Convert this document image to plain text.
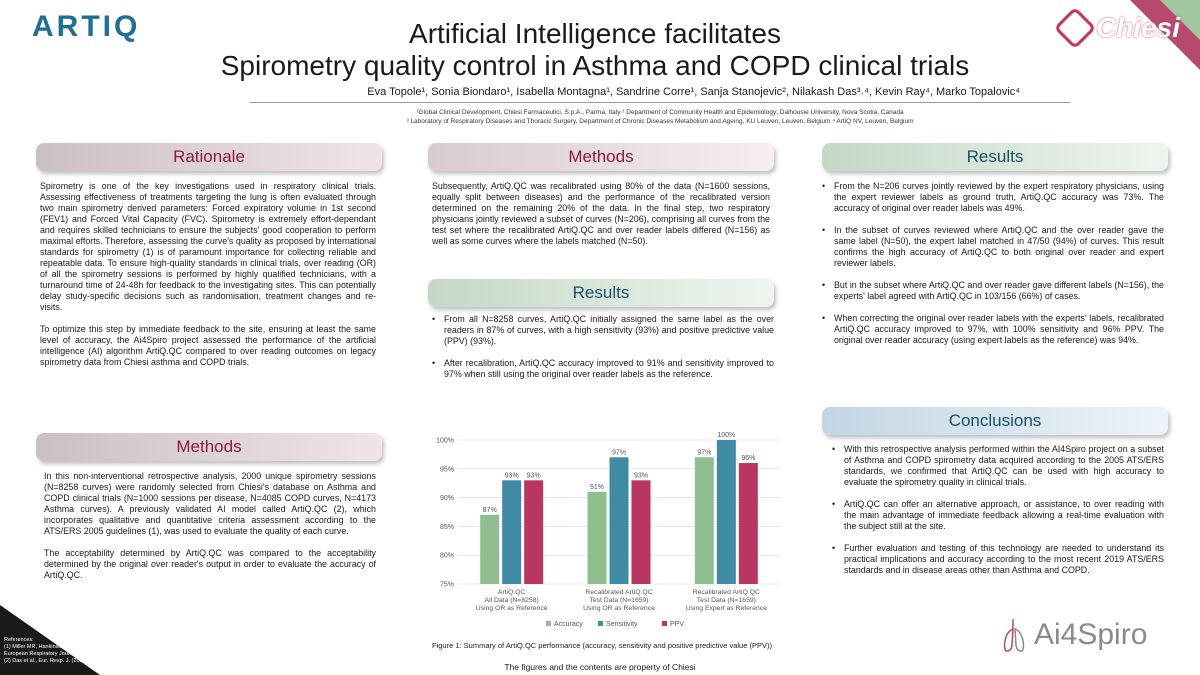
ARTIQ	Chiesi
Artificial Intelligence facilitates
Spirometry quality control in Asthma and COPD clinical trials
Eva Topole¹, Sonia Biondaro¹, Isabella Montagna¹, Sandrine Corre¹, Sanja Stanojevic², Nilakash Das³˒⁴, Kevin Ray⁴, Marko Topalovic⁴
¹Global Clinical Development, Chiesi Farmaceutici, S.p.A., Parma, Italy ² Department of Community Health and Epidemiology; Dalhousie University, Nova Scotia, Canada
³ Laboratory of Respiratory Diseases and Thoracic Surgery, Department of Chronic Diseases Metabolism and Ageing, KU Leuven, Leuven, Belgium ⁴ ArtiQ NV, Leuven, Belgium
Rationale

Spirometry is one of the key investigations used in respiratory clinical trials. Assessing effectiveness of treatments targeting the lung is often evaluated through two main spirometry derived parameters: Forced expiratory volume in 1st second (FEV1) and Forced Vital Capacity (FVC). Spirometry is extremely effort-dependant and requires skilled technicians to ensure the subjects' good cooperation to perform maximal efforts. Therefore, assessing the curve's quality as proposed by international standards for spirometry (1) is of paramount importance for collecting reliable and repeatable data. To ensure high-quality standards in clinical trials, over reading (OR) of all the spirometry sessions is performed by highly qualified technicians, with a turnaround time of 24-48h for feedback to the investigating sites. This can potentially delay study-specific decisions such as randomisation, treatment changes and re-visits.

To optimize this step by immediate feedback to the site, ensuring at least the same level of accuracy, the Ai4Spiro project assessed the performance of the artificial intelligence (AI) algorithm ArtiQ.QC compared to over reading outcomes on legacy spirometry data from Chiesi asthma and COPD trials.

Methods

In this non-interventional retrospective analysis, 2000 unique spirometry sessions (N=8258 curves) were randomly selected from Chiesi's database on Asthma and COPD clinical trials (N=1000 sessions per disease, N=4085 COPD curves, N=4173 Asthma curves). A previously validated AI model called ArtiQ.QC (2), which incorporates qualitative and quantitative criteria assessment according to the ATS/ERS 2005 guidelines (1), was used to evaluate the quality of each curve.

The acceptability determined by ArtiQ.QC was compared to the acceptability determined by the original over reader's output in order to evaluate the accuracy of ArtiQ.QC.

Methods

Subsequently, ArtiQ.QC was recalibrated using 80% of the data (N=1600 sessions, equally split between diseases) and the performance of the recalibrated version determined on the remaining 20% of the data. In the final step, two respiratory physicians jointly reviewed a subset of curves (N=206), comprising all curves from the test set where the recalibrated ArtiQ.QC and over reader labels differed (N=156) as well as some curves where the labels matched (N=50).

Results
• From all N=8258 curves, ArtiQ.QC initially assigned the same label as the over readers in 87% of curves, with a high sensitivity (93%) and positive predictive value (PPV) (93%).
• After recalibration, ArtiQ.QC accuracy improved to 91% and sensitivity improved to 97% when still using the original over reader labels as the reference.
75%
80%
85%
90%
95%
100%
87%
93% 93%
ArtiQ.QC
All Data (N=8258)
Using OR as Reference
91%
97%
93%
Recalibrated ArtiQ.QC
Test Data (N=1659)
Using OR as Reference
97%
100%
96%
Recalibrated ArtiQ.QC
Test Data (N=1659)
Using Expert as Reference
Accuracy	Sensitivity	PPV
Figure 1: Summary of ArtiQ.QC performance (accuracy, sensitivity and positive predictive value (PPV))
The figures and the contents are property of Chiesi
Results
• From the N=206 curves jointly reviewed by the expert respiratory physicians, using the expert reviewer labels as ground truth, ArtiQ.QC accuracy was 73%. The accuracy of original over reader labels was 49%.
• In the subset of curves reviewed where ArtiQ.QC and the over reader gave the same label (N=50), the expert label matched in 47/50 (94%) of curves. This result confirms the high accuracy of ArtiQ.QC to both original over reader and expert reviewer labels.
• But in the subset where ArtiQ.QC and over reader gave different labels (N=156), the experts' label agreed with ArtiQ.QC in 103/156 (66%) of cases.
• When correcting the original over reader labels with the experts' labels, recalibrated ArtiQ.QC accuracy improved to 97%, with 100% sensitivity and 96% PPV. The original over reader accuracy (using expert labels as the reference) was 94%.
Conclusions
• With this retrospective analysis performed within the AI4Spiro project on a subset of Asthma and COPD spirometry data acquired according to the 2005 ATS/ERS standards, we confirmed that ArtiQ.QC can be used with high accuracy to evaluate the spirometry quality in clinical trials.
• ArtiQ.QC can offer an alternative approach, or assistance, to over reading with the main advantage of immediate feedback allowing a real-time evaluation with the subject still at the site.
• Further evaluation and testing of this technology are needed to understand its practical implications and accuracy according to the most recent 2019 ATS/ERS standards and in disease areas other than Asthma and COPD.
Ai4Spiro
References:
(1) Miller MR, Hankinson, J, Brusasco V et al. Standardisation of Spirometry.
European Respiratory Journal 2005 26: 319-338; DOI: 10.1183/09031936.05.00034805
(2) Das et al., Eur. Resp. J. (2020) DOI: 10.1183/13993003.00603-2020
